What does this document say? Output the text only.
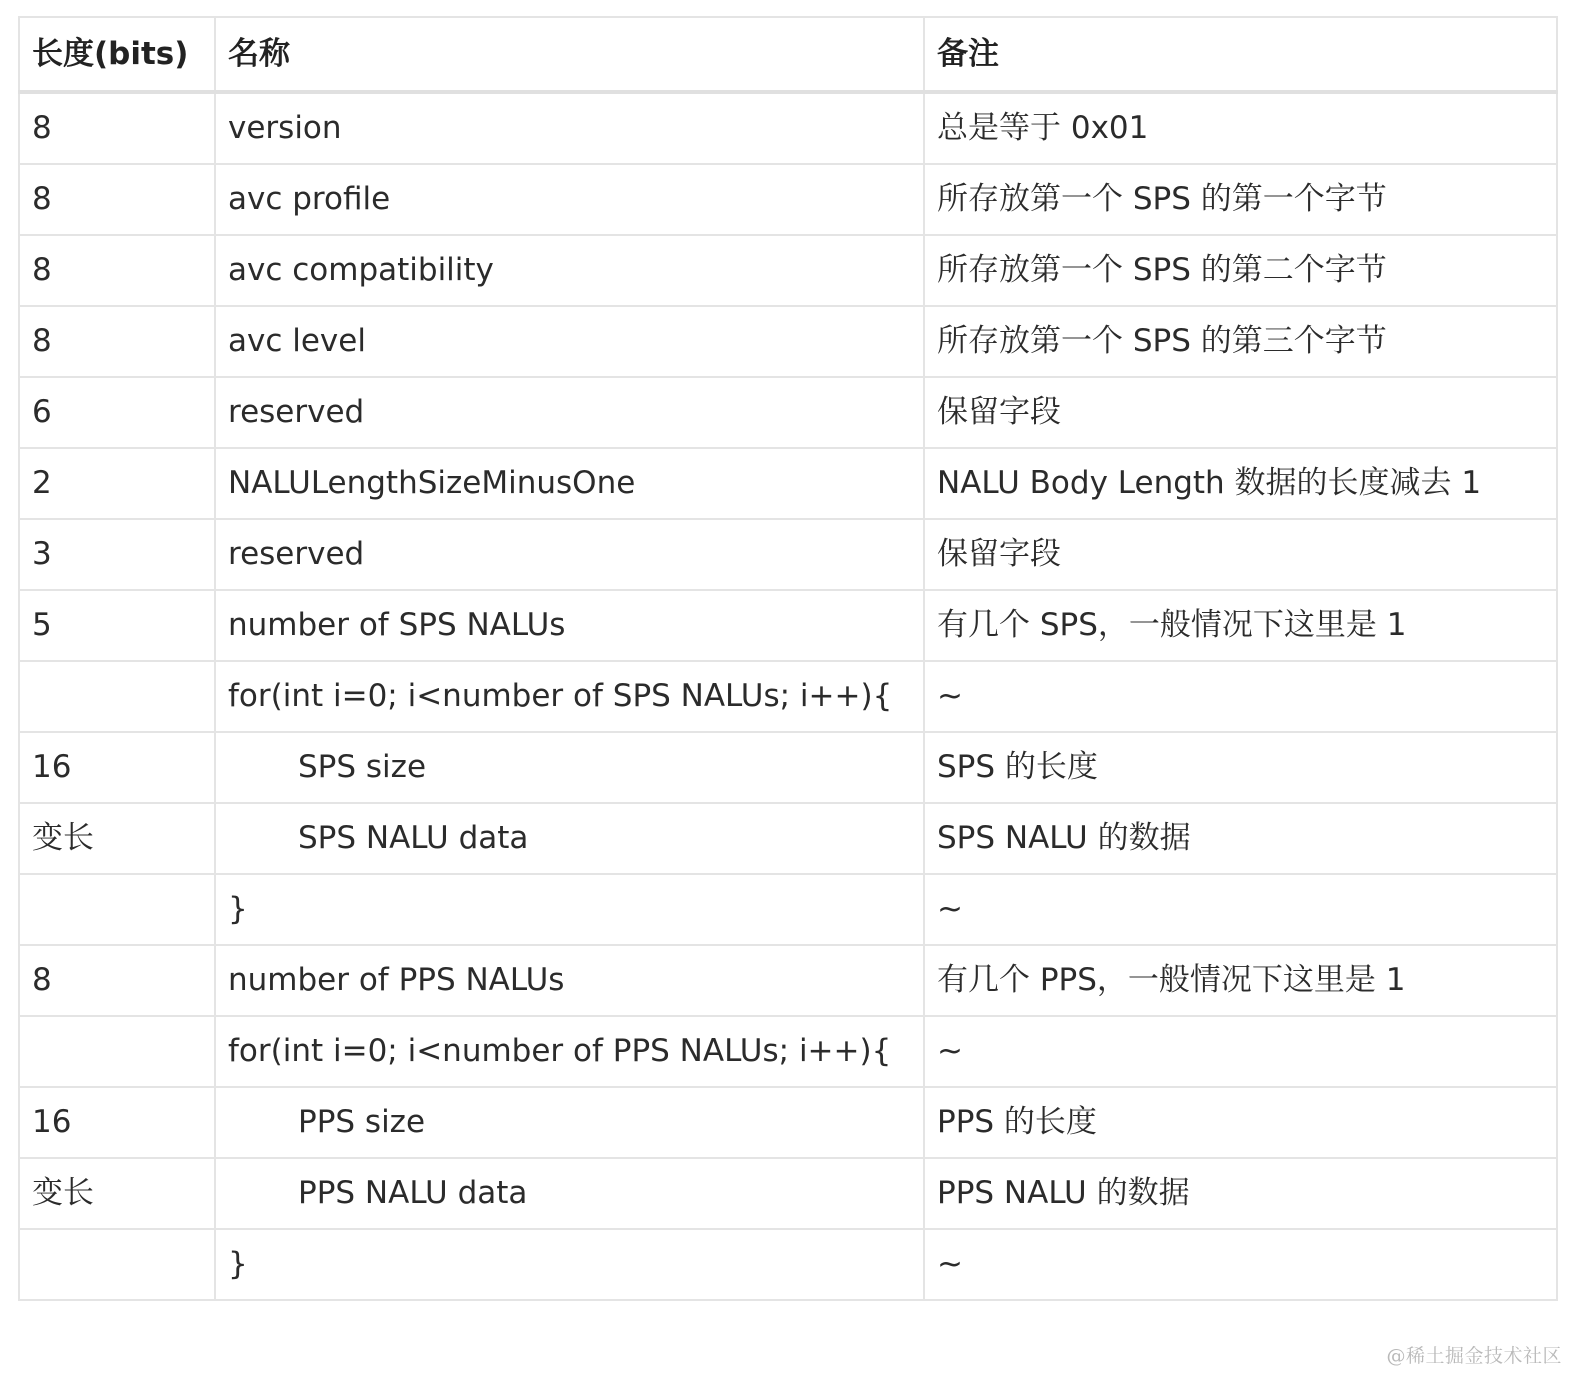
长度(bits)	名称	备注
8	version	总是等于 0x01
8	avc profile	所存放第一个 SPS 的第一个字节
8	avc compatibility	所存放第一个 SPS 的第二个字节
8	avc level	所存放第一个 SPS 的第三个字节
6	reserved	保留字段
2	NALULengthSizeMinusOne	NALU Body Length 数据的长度减去 1
3	reserved	保留字段
5	number of SPS NALUs	有几个 SPS，一般情况下这里是 1
	for(int i=0; i<number of SPS NALUs; i++){	~
16	SPS size	SPS 的长度
变长	SPS NALU data	SPS NALU 的数据
	}	~
8	number of PPS NALUs	有几个 PPS，一般情况下这里是 1
	for(int i=0; i<number of PPS NALUs; i++){	~
16	PPS size	PPS 的长度
变长	PPS NALU data	PPS NALU 的数据
	}	~
@稀土掘金技术社区
